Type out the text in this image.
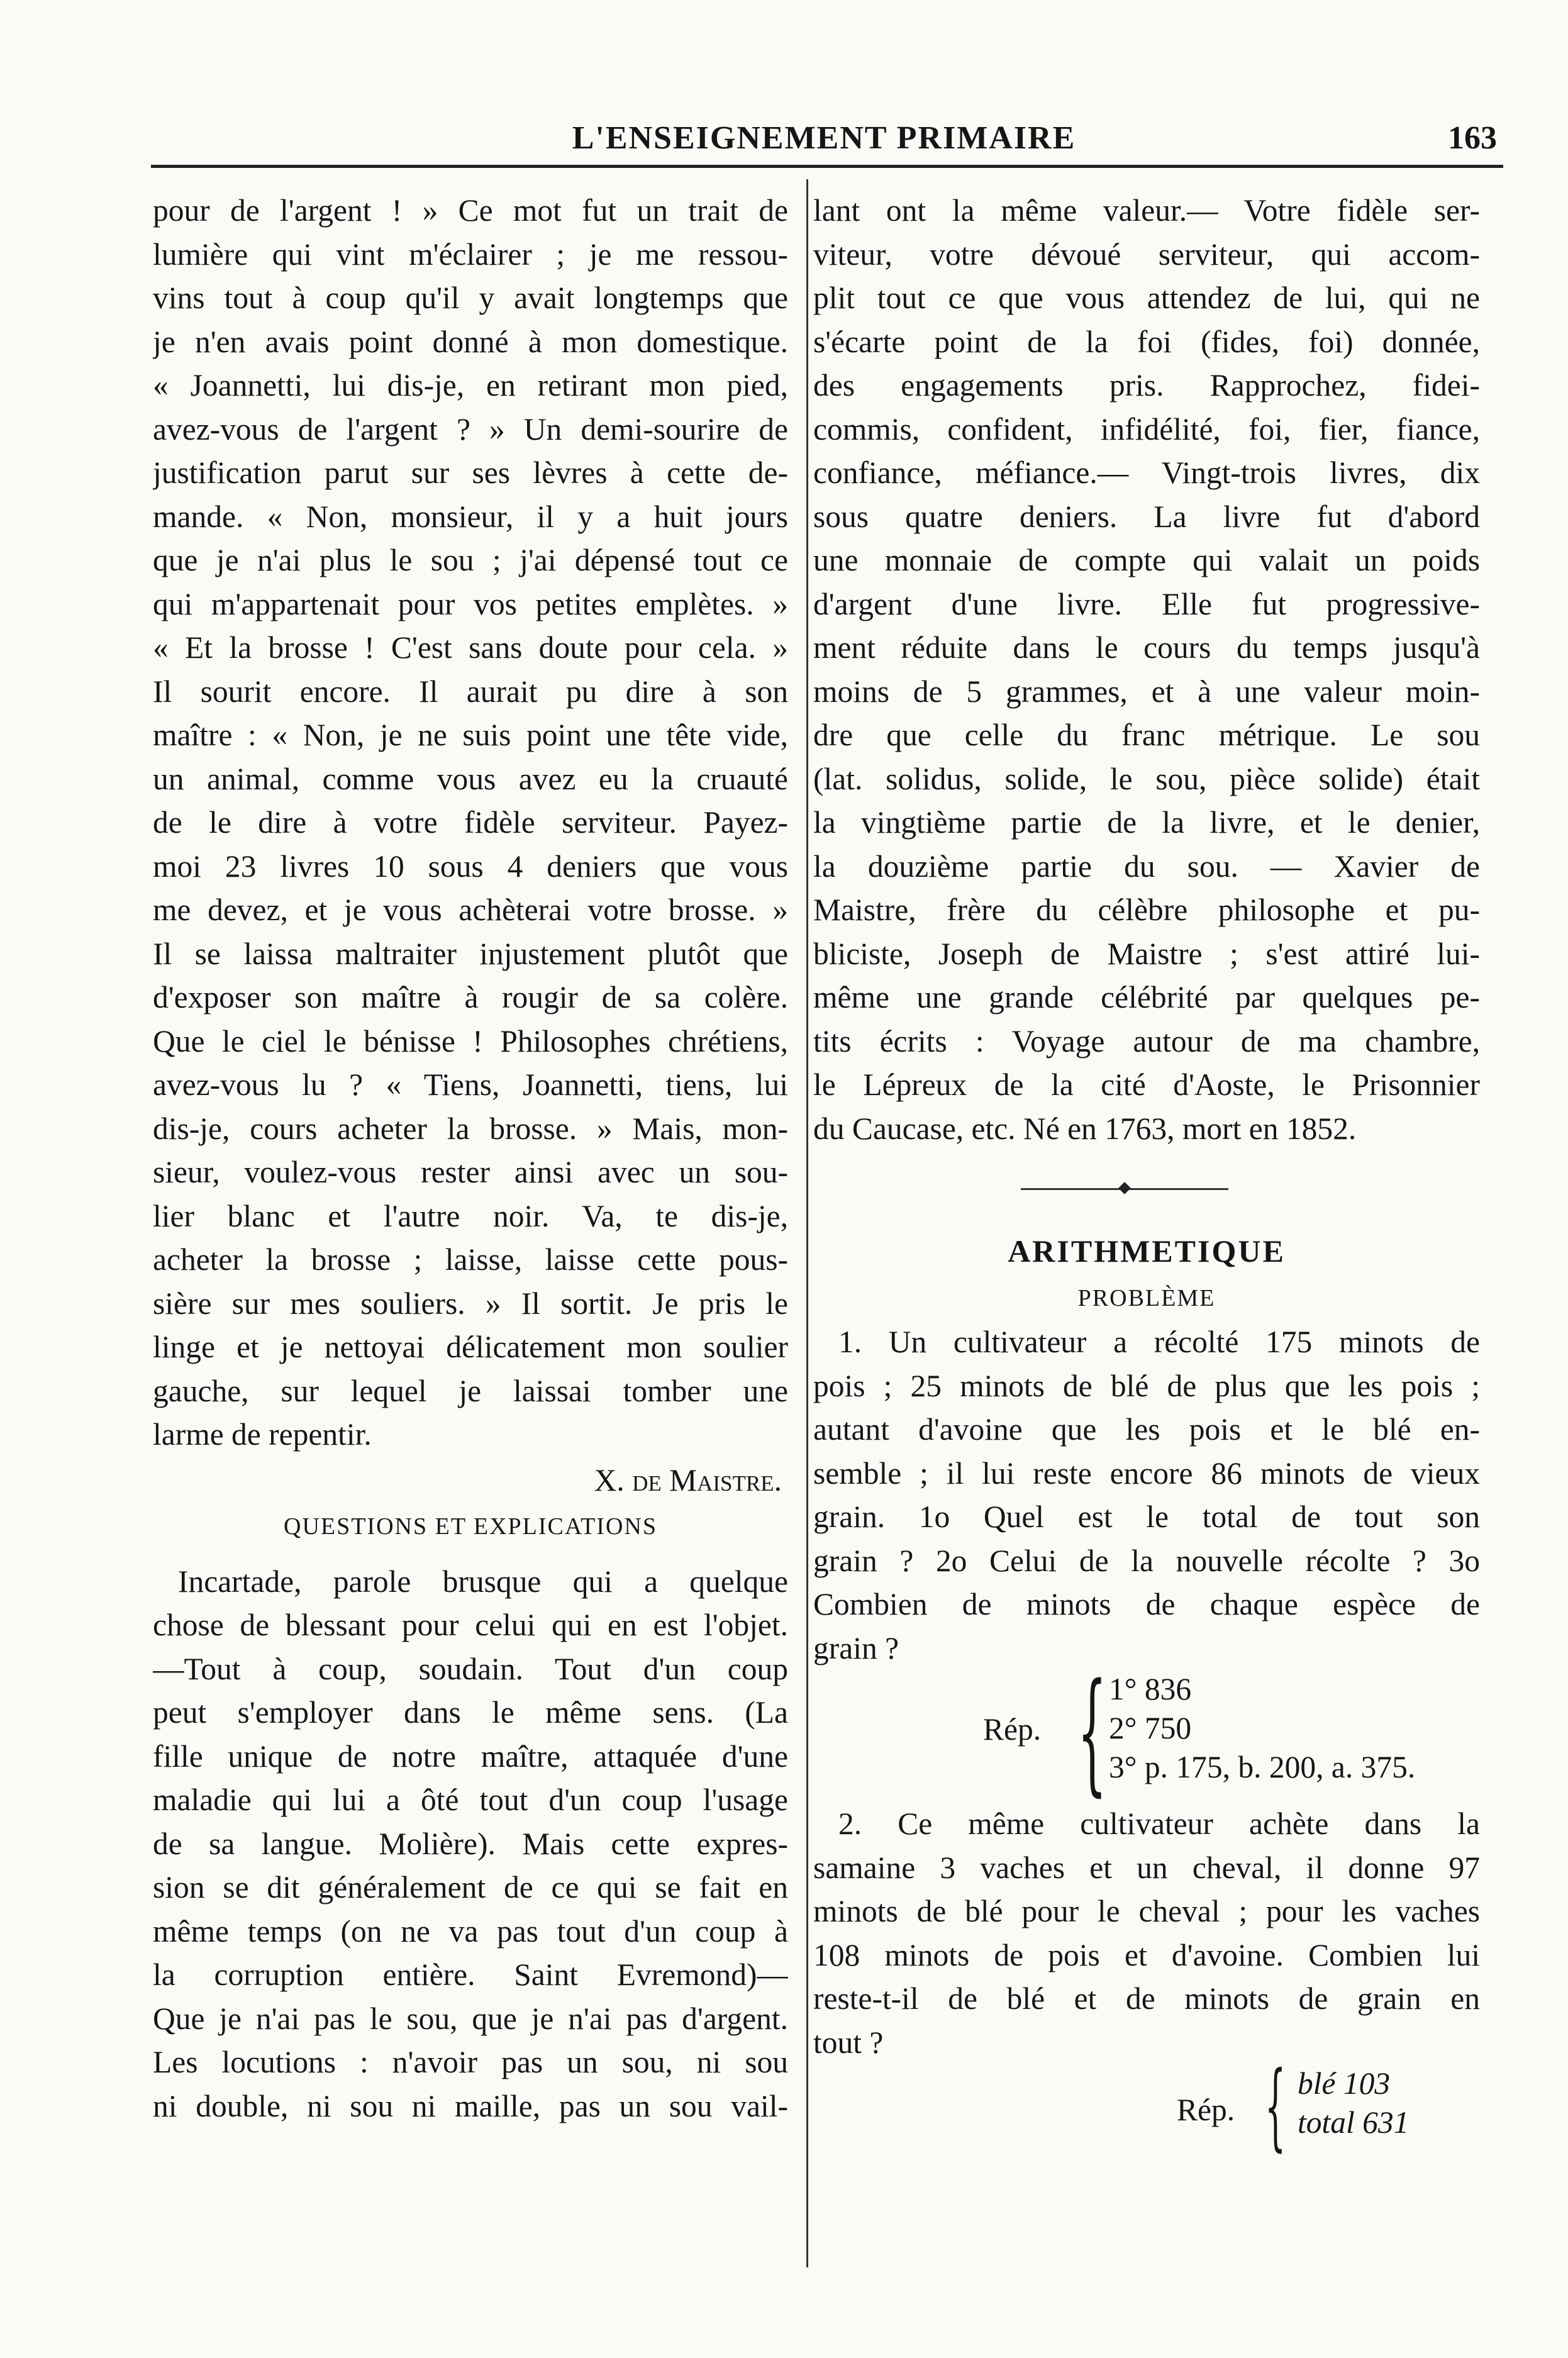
L'ENSEIGNEMENT PRIMAIRE	163
pour de l'argent ! » Ce mot fut un trait de
lumière qui vint m'éclairer ; je me ressou-
vins tout à coup qu'il y avait longtemps que
je n'en avais point donné à mon domestique.
« Joannetti, lui dis-je, en retirant mon pied,
avez-vous de l'argent ? » Un demi-sourire de
justification parut sur ses lèvres à cette de-
mande. « Non, monsieur, il y a huit jours
que je n'ai plus le sou ; j'ai dépensé tout ce
qui m'appartenait pour vos petites emplètes. »
« Et la brosse ! C'est sans doute pour cela. »
Il sourit encore. Il aurait pu dire à son
maître : « Non, je ne suis point une tête vide,
un animal, comme vous avez eu la cruauté
de le dire à votre fidèle serviteur. Payez-
moi 23 livres 10 sous 4 deniers que vous
me devez, et je vous achèterai votre brosse. »
Il se laissa maltraiter injustement plutôt que
d'exposer son maître à rougir de sa colère.
Que le ciel le bénisse ! Philosophes chrétiens,
avez-vous lu ? « Tiens, Joannetti, tiens, lui
dis-je, cours acheter la brosse. » Mais, mon-
sieur, voulez-vous rester ainsi avec un sou-
lier blanc et l'autre noir. Va, te dis-je,
acheter la brosse ; laisse, laisse cette pous-
sière sur mes souliers. » Il sortit. Je pris le
linge et je nettoyai délicatement mon soulier
gauche, sur lequel je laissai tomber une
larme de repentir.
X. de Maistre.
QUESTIONS ET EXPLICATIONS
Incartade, parole brusque qui a quelque
chose de blessant pour celui qui en est l'objet.
—Tout à coup, soudain. Tout d'un coup
peut s'employer dans le même sens. (La
fille unique de notre maître, attaquée d'une
maladie qui lui a ôté tout d'un coup l'usage
de sa langue. Molière). Mais cette expres-
sion se dit généralement de ce qui se fait en
même temps (on ne va pas tout d'un coup à
la corruption entière. Saint Evremond)—
Que je n'ai pas le sou, que je n'ai pas d'argent.
Les locutions : n'avoir pas un sou, ni sou
ni double, ni sou ni maille, pas un sou vail-
lant ont la même valeur.— Votre fidèle ser-
viteur, votre dévoué serviteur, qui accom-
plit tout ce que vous attendez de lui, qui ne
s'écarte point de la foi (fides, foi) donnée,
des engagements pris. Rapprochez, fidei-
commis, confident, infidélité, foi, fier, fiance,
confiance, méfiance.— Vingt-trois livres, dix
sous quatre deniers. La livre fut d'abord
une monnaie de compte qui valait un poids
d'argent d'une livre. Elle fut progressive-
ment réduite dans le cours du temps jusqu'à
moins de 5 grammes, et à une valeur moin-
dre que celle du franc métrique. Le sou
(lat. solidus, solide, le sou, pièce solide) était
la vingtième partie de la livre, et le denier,
la douzième partie du sou. — Xavier de
Maistre, frère du célèbre philosophe et pu-
bliciste, Joseph de Maistre ; s'est attiré lui-
même une grande célébrité par quelques pe-
tits écrits : Voyage autour de ma chambre,
le Lépreux de la cité d'Aoste, le Prisonnier
du Caucase, etc. Né en 1763, mort en 1852.
ARITHMETIQUE
PROBLÈME
1. Un cultivateur a récolté 175 minots de
pois ; 25 minots de blé de plus que les pois ;
autant d'avoine que les pois et le blé en-
semble ; il lui reste encore 86 minots de vieux
grain. 1o Quel est le total de tout son
grain ? 2o Celui de la nouvelle récolte ? 3o
Combien de minots de chaque espèce de
grain ?
Rép. { 1° 836
2° 750
3° p. 175, b. 200, a. 375.
2. Ce même cultivateur achète dans la
samaine 3 vaches et un cheval, il donne 97
minots de blé pour le cheval ; pour les vaches
108 minots de pois et d'avoine. Combien lui
reste-t-il de blé et de minots de grain en
tout ?
Rép. { blé 103
total 631
